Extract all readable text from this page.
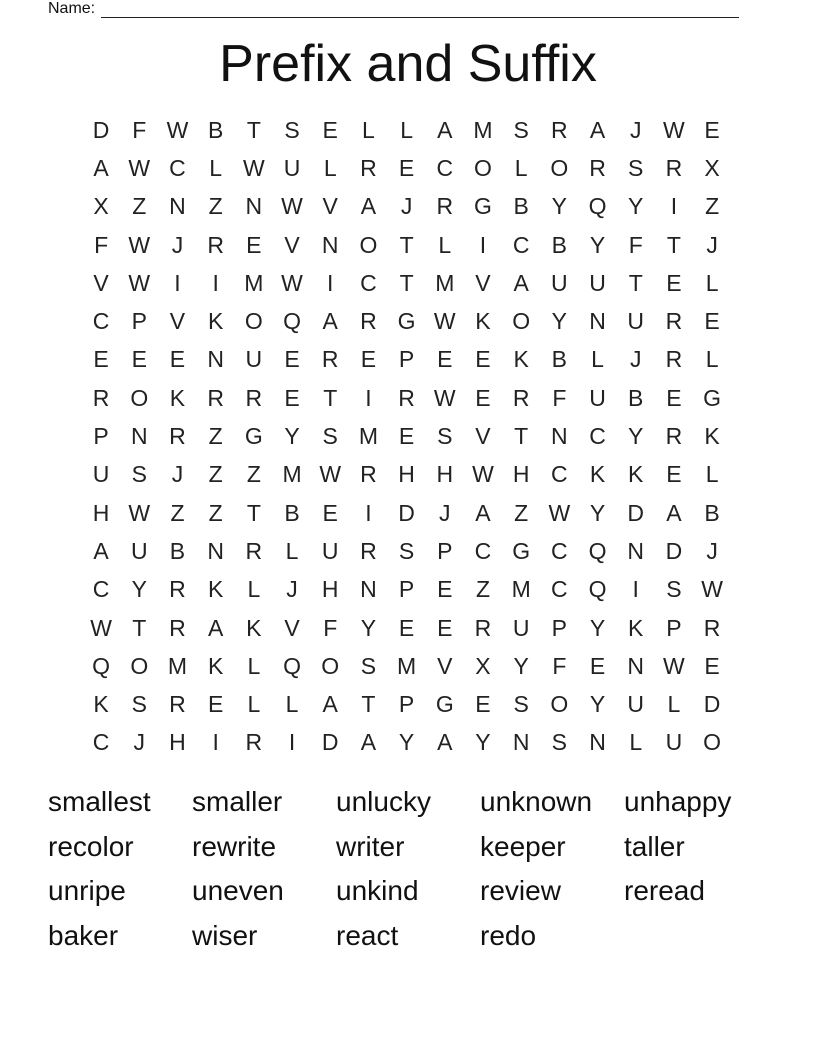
Name:
Prefix and Suffix
D F W B	T	S E	L	L	A M S R A	J W E
A W C	L W U	L	R E C O L O R S R X
X	Z N Z N W V A	J	R G B Y Q Y	I	Z
F W J	R E V N O T	L	I	C B Y	F	T	J
V W	I	I	M W	I	C T M V A U U T	E	L
C P V K O Q A R G W K O Y N U R E
E E E N U E R E P E E K B	L	J	R	L
R O K R R E	T	I	R W E R F U B E G
P N R Z G Y S M E S V	T N C Y R K
U S	J	Z	Z M W R H H W H C K K E	L
H W Z	Z	T	B E	I	D	J	A	Z W Y D A B
A U B N R	L	U R S P C G C Q N D	J
C Y R K	L	J	H N P E	Z M C Q	I	S W
W T R A K V	F	Y E E R U P Y K P R
Q O M K	L Q O S M V X Y	F	E N W E
K S R E	L	L	A	T	P G E S O Y U	L	D
C	J	H	I	R	I	D A Y A Y N S N	L	U O
smallest	smaller	unlucky	unknown	unhappy
recolor	rewrite	writer	keeper	taller
unripe	uneven	unkind	review	reread
baker	wiser	react	redo
